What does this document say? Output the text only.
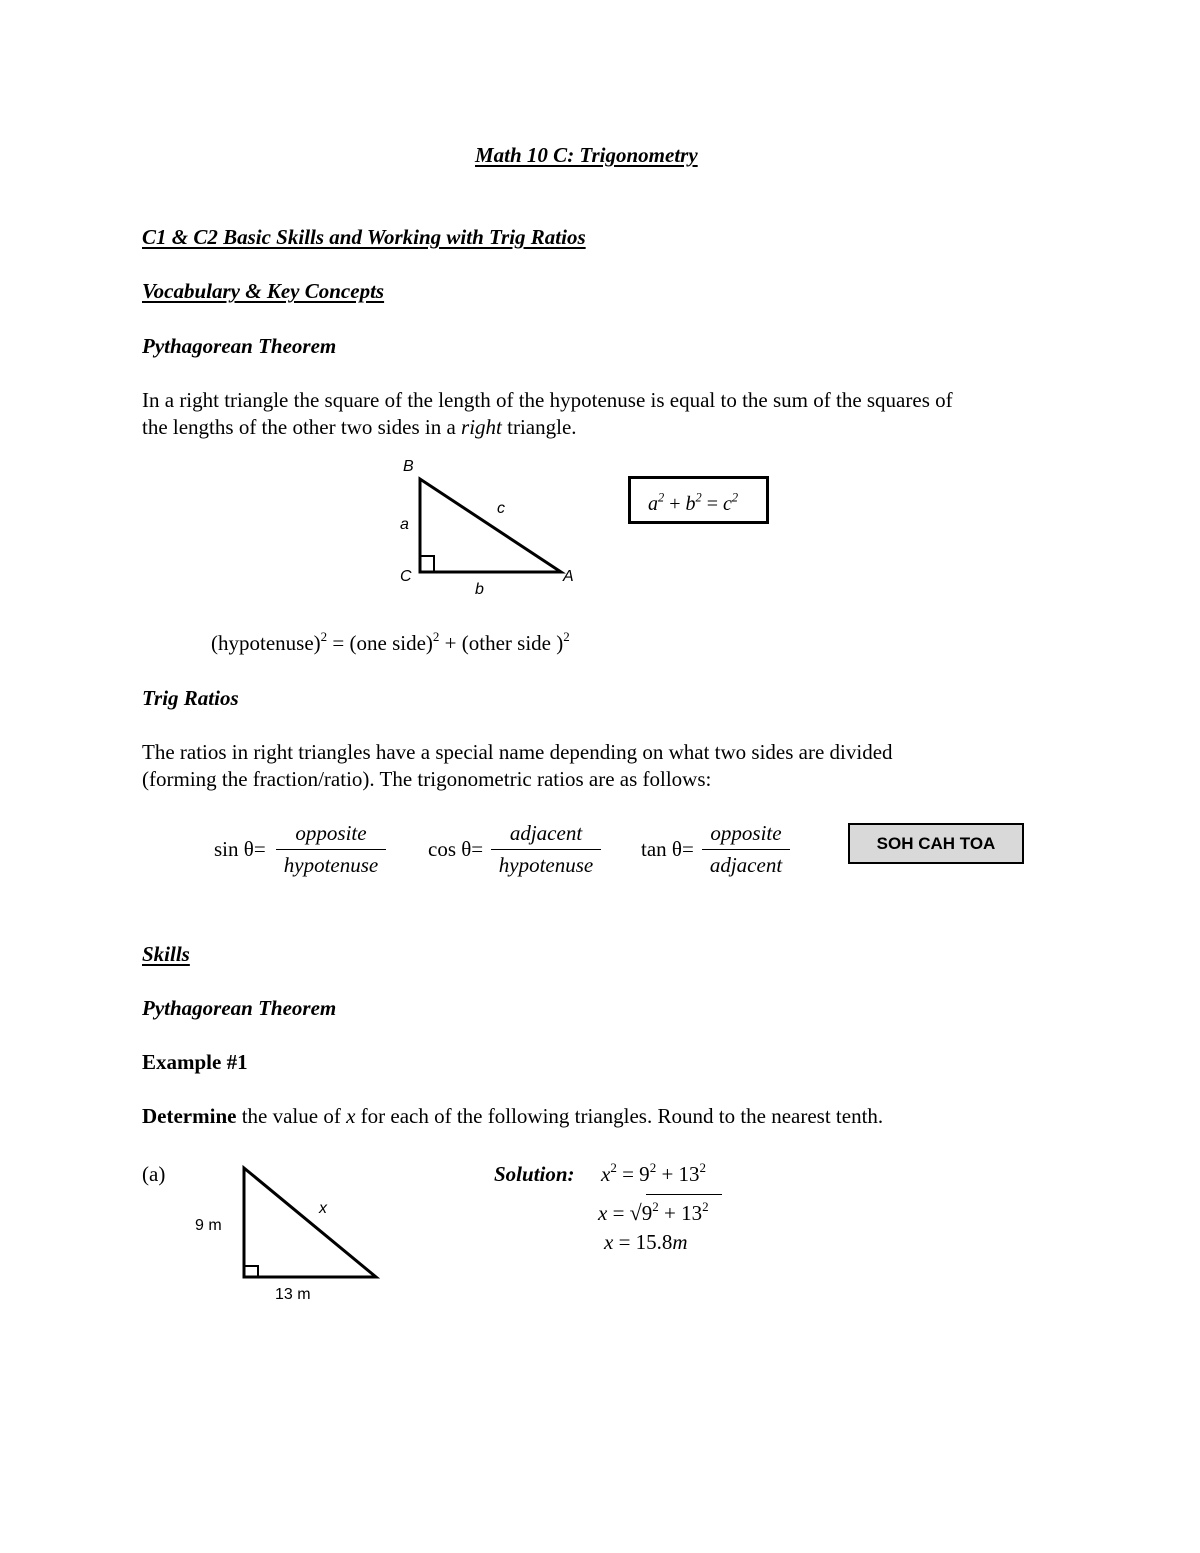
Math 10 C: Trigonometry
C1 & C2 Basic Skills and Working with Trig Ratios
Vocabulary & Key Concepts
Pythagorean Theorem
In a right triangle the square of the length of the hypotenuse is equal to the sum of the squares of
the lengths of the other two sides in a right triangle.
B
c
a
C	A
b
$a^2 + b^2 = c^2$
(hypotenuse)$^2$ = (one side)$^2$ + (other side )$^2$
Trig Ratios
The ratios in right triangles have a special name depending on what two sides are divided
(forming the fraction/ratio). The trigonometric ratios are as follows:
sin θ=
opposite
hypotenuse
cos θ=
adjacent
hypotenuse
tan θ=
opposite
adjacent
SOH CAH TOA
Skills
Pythagorean Theorem
Example #1
Determine the value of x for each of the following triangles. Round to the nearest tenth.
(a)
9 m
x
13 m
Solution: $x^2 = 9^2 + 13^2$
$x = √9^2 + 13^2$
x = 15.8m
